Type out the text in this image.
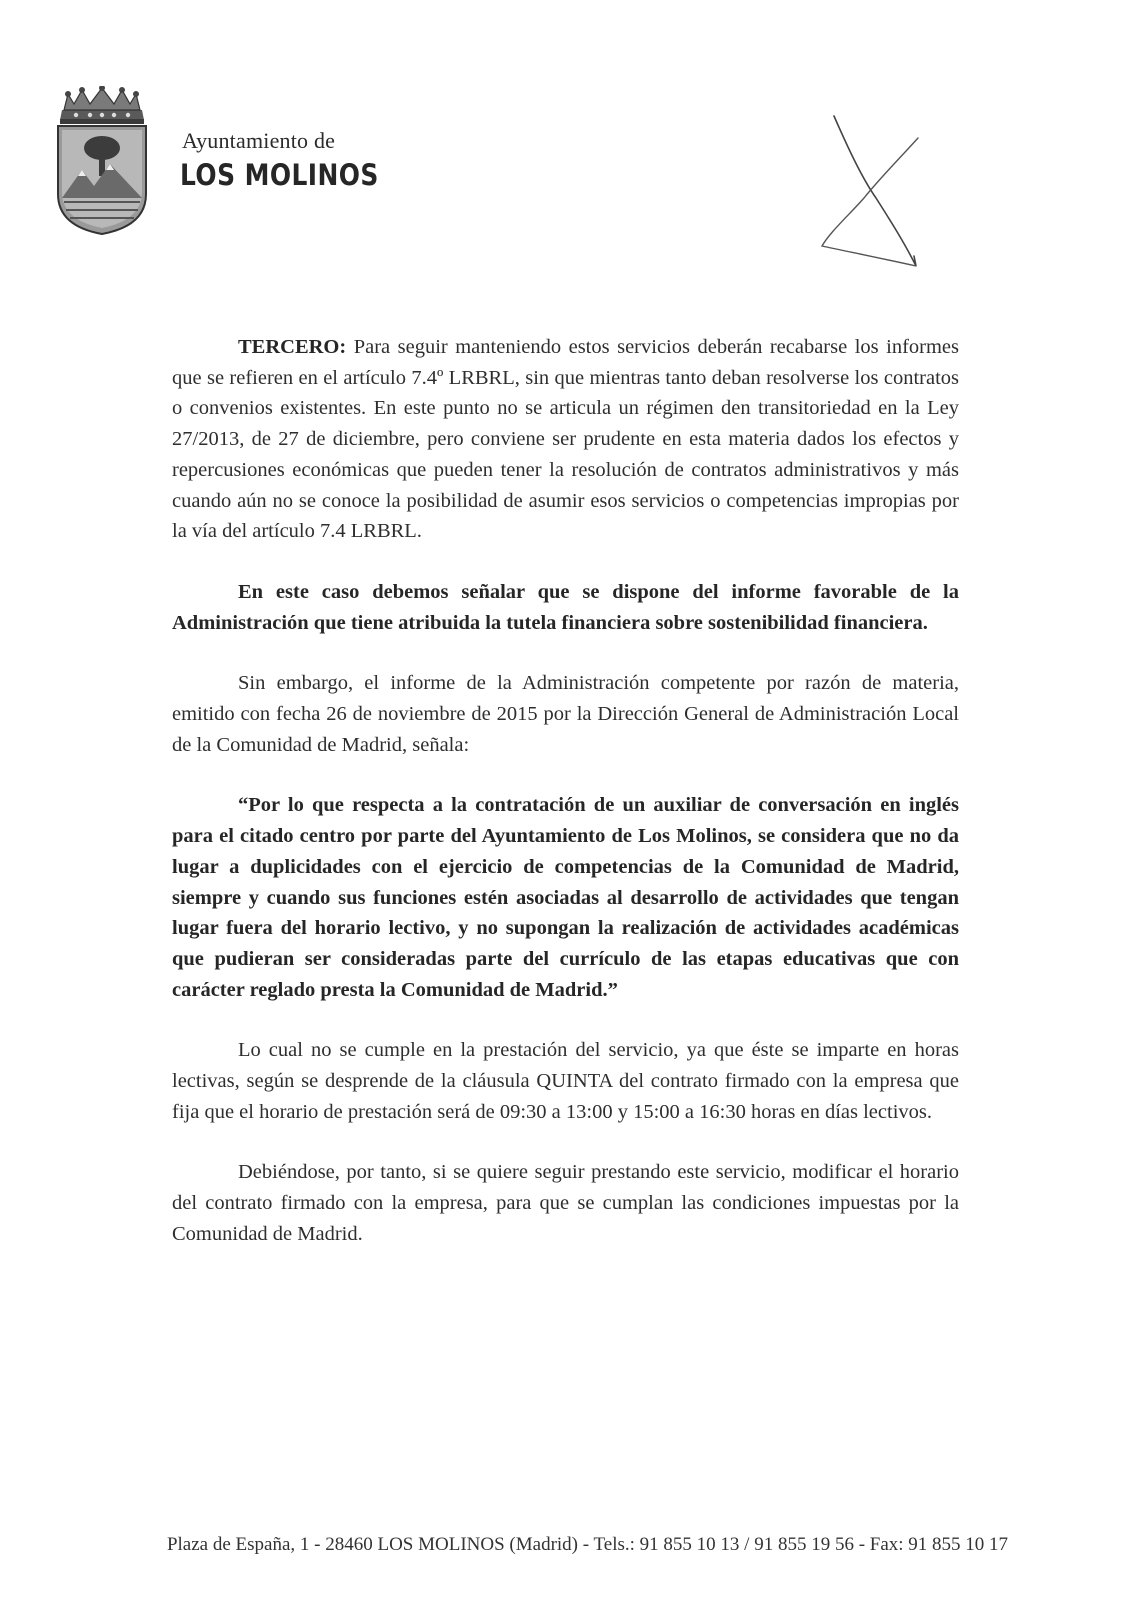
Ayuntamiento de
LOS MOLINOS

TERCERO: Para seguir manteniendo estos servicios deberán recabarse los informes que se refieren en el artículo 7.4º LRBRL, sin que mientras tanto deban resolverse los contratos o convenios existentes. En este punto no se articula un régimen den transitoriedad en la Ley 27/2013, de 27 de diciembre, pero conviene ser prudente en esta materia dados los efectos y repercusiones económicas que pueden tener la resolución de contratos administrativos y más cuando aún no se conoce la posibilidad de asumir esos servicios o competencias impropias por la vía del artículo 7.4 LRBRL.

En este caso debemos señalar que se dispone del informe favorable de la Administración que tiene atribuida la tutela financiera sobre sostenibilidad financiera.

Sin embargo, el informe de la Administración competente por razón de materia, emitido con fecha 26 de noviembre de 2015 por la Dirección General de Administración Local de la Comunidad de Madrid, señala:

“Por lo que respecta a la contratación de un auxiliar de conversación en inglés para el citado centro por parte del Ayuntamiento de Los Molinos, se considera que no da lugar a duplicidades con el ejercicio de competencias de la Comunidad de Madrid, siempre y cuando sus funciones estén asociadas al desarrollo de actividades que tengan lugar fuera del horario lectivo, y no supongan la realización de actividades académicas que pudieran ser consideradas parte del currículo de las etapas educativas que con carácter reglado presta la Comunidad de Madrid.”

Lo cual no se cumple en la prestación del servicio, ya que éste se imparte en horas lectivas, según se desprende de la cláusula QUINTA del contrato firmado con la empresa que fija que el horario de prestación será de 09:30 a 13:00 y 15:00 a 16:30 horas en días lectivos.

Debiéndose, por tanto, si se quiere seguir prestando este servicio, modificar el horario del contrato firmado con la empresa, para que se cumplan las condiciones impuestas por la Comunidad de Madrid.

Plaza de España, 1 - 28460 LOS MOLINOS (Madrid) - Tels.: 91 855 10 13 / 91 855 19 56 - Fax: 91 855 10 17
